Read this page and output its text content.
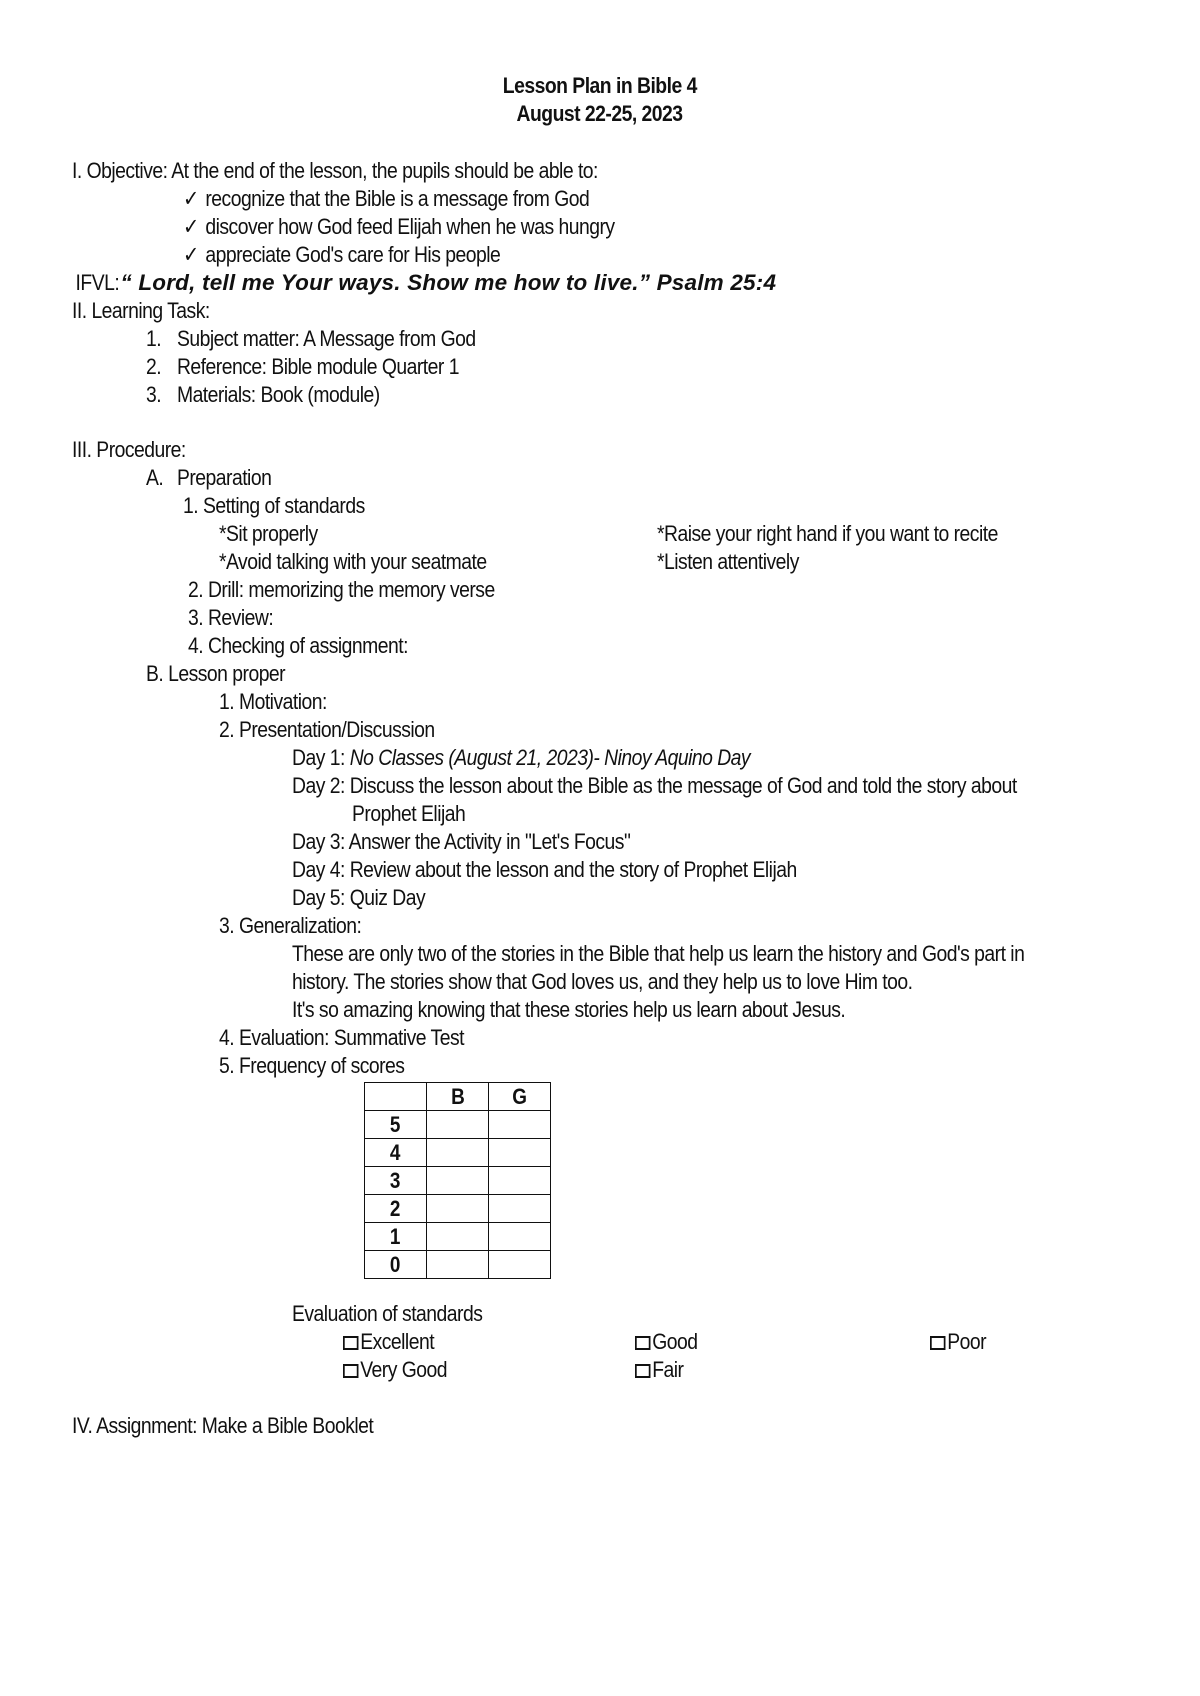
Lesson Plan in Bible 4
August 22-25, 2023
I. Objective: At the end of the lesson, the pupils should be able to:
✓ recognize that the Bible is a message from God
✓ discover how God feed Elijah when he was hungry
✓ appreciate God's care for His people
IFVL: “ Lord, tell me Your ways. Show me how to live.” Psalm 25:4
II. Learning Task:
1. Subject matter: A Message from God
2. Reference: Bible module Quarter 1
3. Materials: Book (module)
III. Procedure:
A. Preparation
1. Setting of standards
*Sit properly	*Raise your right hand if you want to recite
*Avoid talking with your seatmate	*Listen attentively
2. Drill: memorizing the memory verse
3. Review:
4. Checking of assignment:
B. Lesson proper
1. Motivation:
2. Presentation/Discussion
Day 1: No Classes (August 21, 2023)- Ninoy Aquino Day
Day 2: Discuss the lesson about the Bible as the message of God and told the story about
Prophet Elijah
Day 3: Answer the Activity in "Let's Focus"
Day 4: Review about the lesson and the story of Prophet Elijah
Day 5: Quiz Day
3. Generalization:
These are only two of the stories in the Bible that help us learn the history and God's part in
history. The stories show that God loves us, and they help us to love Him too.
It's so amazing knowing that these stories help us learn about Jesus.
4. Evaluation: Summative Test
5. Frequency of scores
	B	G
5		
4		
3		
2		
1		
0		
Evaluation of standards
Excellent	Good	Poor
Very Good	Fair
IV. Assignment: Make a Bible Booklet
